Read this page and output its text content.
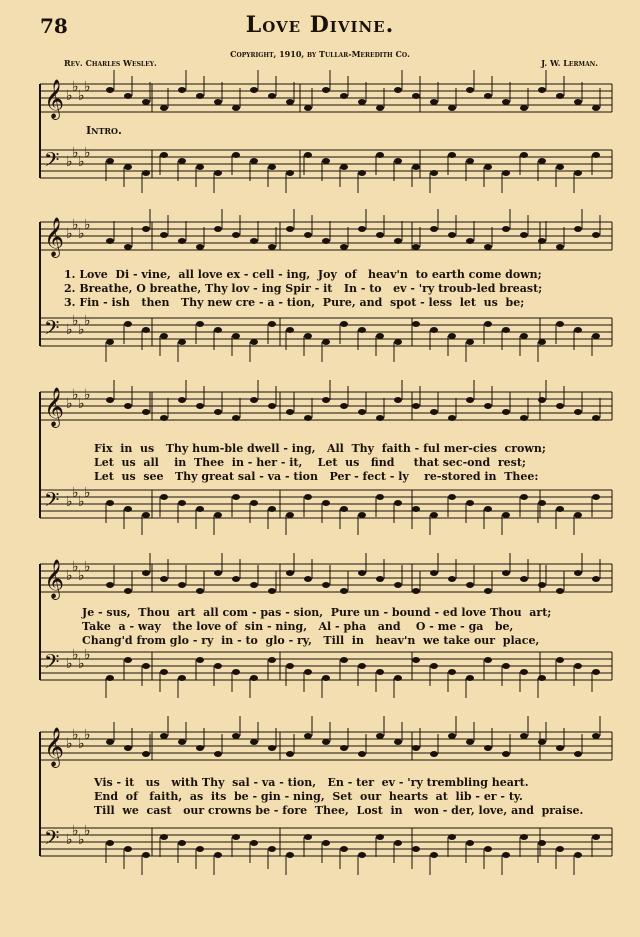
78	Love Divine.
Copyright, 1910, by Tullar-Meredith Co.
Rev. Charles Wesley.	J. W. Lerman.
Intro.
𝄞 ♭
♭
♭
♭
𝄢 ♭
♭
♭
♭
𝄞 ♭
♭
♭
♭
𝄢 ♭
♭
♭
♭
𝄞 ♭
♭
♭
♭
𝄢 ♭
♭
♭
♭
𝄞 ♭
♭
♭
♭
𝄢 ♭
♭
♭
♭
𝄞 ♭
♭
♭
♭
𝄢 ♭
♭
♭
♭
1. Love  Di - vine,  all love ex - cell - ing,  Joy  of   heav'n  to earth come down;
2. Breathe, O breathe, Thy lov - ing Spir - it   In - to   ev - 'ry troub-led breast;
3. Fin - ish   then   Thy new cre - a - tion,  Pure, and  spot - less  let  us  be;
Fix  in  us   Thy hum-ble dwell - ing,   All  Thy  faith - ful mer-cies  crown;
Let  us  all    in  Thee  in - her - it,    Let  us   find     that sec-ond  rest;
Let  us  see   Thy great sal - va - tion   Per - fect - ly    re-stored in  Thee:
Je - sus,  Thou  art  all com - pas - sion,  Pure un - bound - ed love Thou  art;
Take  a - way   the love of  sin - ning,   Al - pha   and    O - me - ga   be,
Chang'd from glo - ry  in - to  glo - ry,   Till  in   heav'n  we take our  place,
Vis - it   us   with Thy  sal - va - tion,   En - ter  ev - 'ry trembling heart.
End  of   faith,  as  its  be - gin - ning,  Set  our  hearts  at  lib - er - ty.
Till  we  cast   our crowns be - fore  Thee,  Lost  in   won - der, love, and  praise.
